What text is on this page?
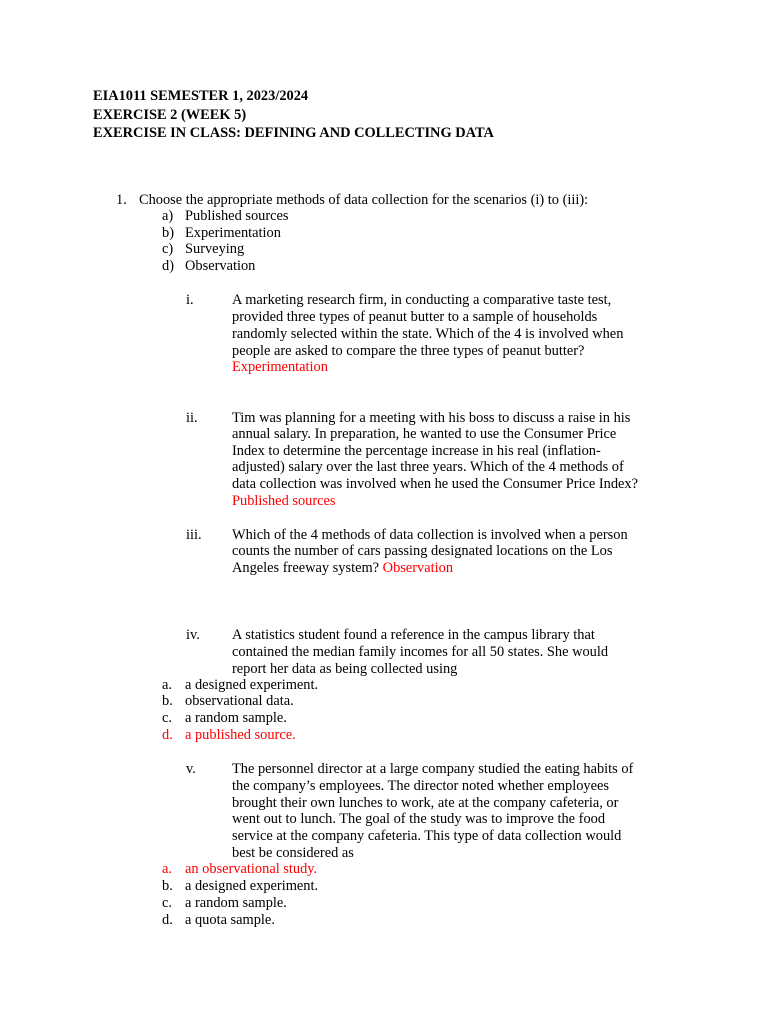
EIA1011 SEMESTER 1, 2023/2024
EXERCISE 2 (WEEK 5)
EXERCISE IN CLASS: DEFINING AND COLLECTING DATA
1. Choose the appropriate methods of data collection for the scenarios (i) to (iii):
a) Published sources
b) Experimentation
c) Surveying
d) Observation
i.	A marketing research firm, in conducting a comparative taste test,
provided three types of peanut butter to a sample of households
randomly selected within the state. Which of the 4 is involved when
people are asked to compare the three types of peanut butter?
Experimentation
ii. Tim was planning for a meeting with his boss to discuss a raise in his
annual salary. In preparation, he wanted to use the Consumer Price
Index to determine the percentage increase in his real (inflation-
adjusted) salary over the last three years. Which of the 4 methods of
data collection was involved when he used the Consumer Price Index?
Published sources
iii. Which of the 4 methods of data collection is involved when a person
counts the number of cars passing designated locations on the Los
Angeles freeway system? Observation
iv. A statistics student found a reference in the campus library that
contained the median family incomes for all 50 states. She would
report her data as being collected using
a. a designed experiment.
b. observational data.
c. a random sample.
d. a published source.
v.	The personnel director at a large company studied the eating habits of
the company’s employees. The director noted whether employees
brought their own lunches to work, ate at the company cafeteria, or
went out to lunch. The goal of the study was to improve the food
service at the company cafeteria. This type of data collection would
best be considered as
a. an observational study.
b. a designed experiment.
c. a random sample.
d. a quota sample.
